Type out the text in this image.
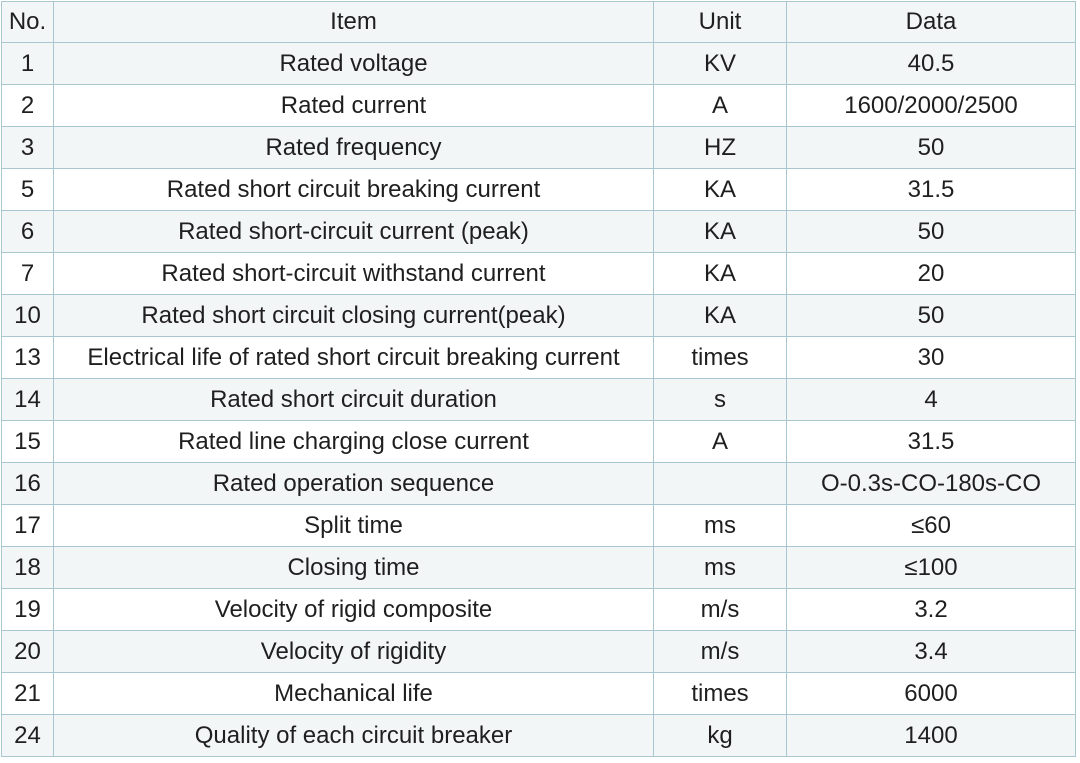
No.	Item	Unit	Data
1	Rated voltage	KV	40.5
2	Rated current	A	1600/2000/2500
3	Rated frequency	HZ	50
5	Rated short circuit breaking current	KA	31.5
6	Rated short-circuit current (peak)	KA	50
7	Rated short-circuit withstand current	KA	20
10	Rated short circuit closing current(peak)	KA	50
13	Electrical life of rated short circuit breaking current	times	30
14	Rated short circuit duration	s	4
15	Rated line charging close current	A	31.5
16	Rated operation sequence		O-0.3s-CO-180s-CO
17	Split time	ms	≤60
18	Closing time	ms	≤100
19	Velocity of rigid composite	m/s	3.2
20	Velocity of rigidity	m/s	3.4
21	Mechanical life	times	6000
24	Quality of each circuit breaker	kg	1400
